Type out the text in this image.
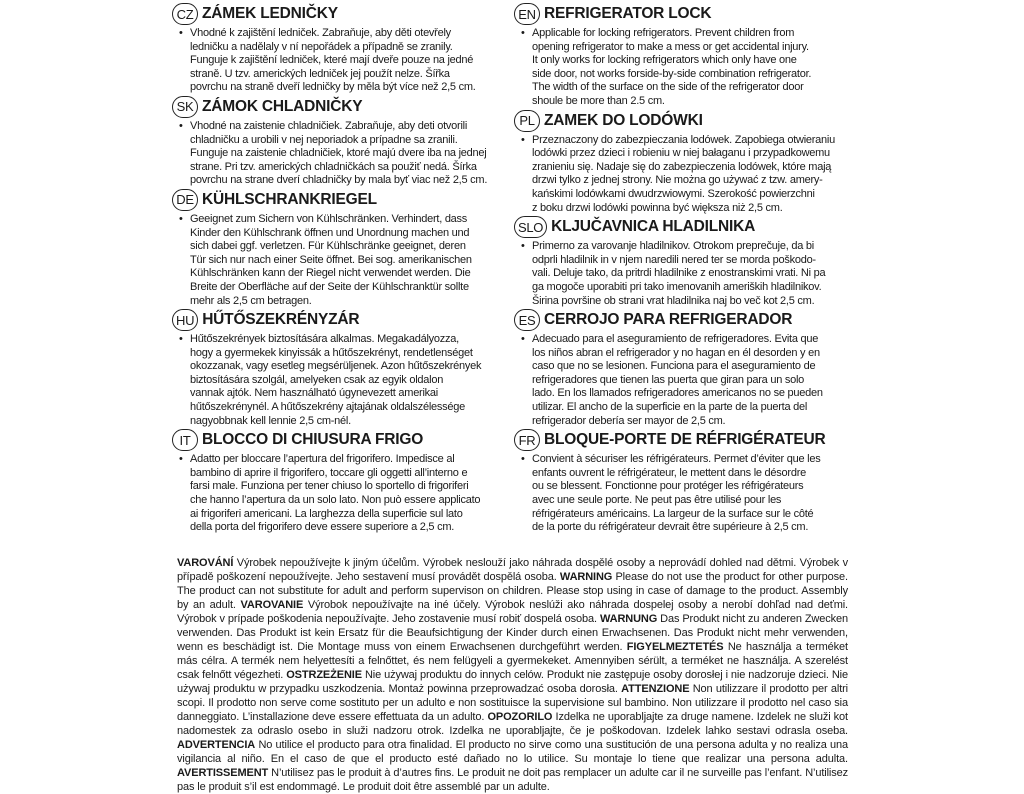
CZ ZÁMEK LEDNIČKY
• Vhodné k zajištění ledniček. Zabraňuje, aby děti otevřely
ledničku a nadělaly v ní nepořádek a případně se zranily.
Funguje k zajištění ledniček, které mají dveře pouze na jedné
straně. U tzv. amerických ledniček jej použít nelze. Šířka
povrchu na straně dveří ledničky by měla být více než 2,5 cm.
SK ZÁMOK CHLADNIČKY
• Vhodné na zaistenie chladničiek. Zabraňuje, aby deti otvorili
chladničku a urobili v nej neporiadok a prípadne sa zranili.
Funguje na zaistenie chladničiek, ktoré majú dvere iba na jednej
strane. Pri tzv. amerických chladničkách sa použiť nedá. Šírka
povrchu na strane dverí chladničky by mala byť viac než 2,5 cm.
DE KÜHLSCHRANKRIEGEL
• Geeignet zum Sichern von Kühlschränken. Verhindert, dass
Kinder den Kühlschrank öffnen und Unordnung machen und
sich dabei ggf. verletzen. Für Kühlschränke geeignet, deren
Tür sich nur nach einer Seite öffnet. Bei sog. amerikanischen
Kühlschränken kann der Riegel nicht verwendet werden. Die
Breite der Oberfläche auf der Seite der Kühlschranktür sollte
mehr als 2,5 cm betragen.
HU HŰTŐSZEKRÉNYZÁR
• Hűtőszekrények biztosítására alkalmas. Megakadályozza,
hogy a gyermekek kinyissák a hűtőszekrényt, rendetlenséget
okozzanak, vagy esetleg megsérüljenek. Azon hűtőszekrények
biztosítására szolgál, amelyeken csak az egyik oldalon
vannak ajtók. Nem használható úgynevezett amerikai
hűtőszekrénynél. A hűtőszekrény ajtajának oldalszélessége
nagyobbnak kell lennie 2,5 cm-nél.
IT BLOCCO DI CHIUSURA FRIGO
• Adatto per bloccare l’apertura del frigorifero. Impedisce al
bambino di aprire il frigorifero, toccare gli oggetti all’interno e
farsi male. Funziona per tener chiuso lo sportello di frigoriferi
che hanno l’apertura da un solo lato. Non può essere applicato
ai frigoriferi americani. La larghezza della superficie sul lato
della porta del frigorifero deve essere superiore a 2,5 cm.
EN REFRIGERATOR LOCK
• Applicable for locking refrigerators. Prevent children from
opening refrigerator to make a mess or get accidental injury.
It only works for locking refrigerators which only have one
side door, not works forside-by-side combination refrigerator.
The width of the surface on the side of the refrigerator door
shoule be more than 2.5 cm.
PL ZAMEK DO LODÓWKI
• Przeznaczony do zabezpieczania lodówek. Zapobiega otwieraniu
lodówki przez dzieci i robieniu w niej bałaganu i przypadkowemu
zranieniu się. Nadaje się do zabezpieczenia lodówek, które mają
drzwi tylko z jednej strony. Nie można go używać z tzw. amery-
kańskimi lodówkami dwudrzwiowymi. Szerokość powierzchni
z boku drzwi lodówki powinna być większa niż 2,5 cm.
SLO KLJUČAVNICA HLADILNIKA
• Primerno za varovanje hladilnikov. Otrokom preprečuje, da bi
odprli hladilnik in v njem naredili nered ter se morda poškodo-
vali. Deluje tako, da pritrdi hladilnike z enostranskimi vrati. Ni pa
ga mogoče uporabiti pri tako imenovanih ameriških hladilnikov.
Širina površine ob strani vrat hladilnika naj bo več kot 2,5 cm.
ES CERROJO PARA REFRIGERADOR
• Adecuado para el aseguramiento de refrigeradores. Evita que
los niños abran el refrigerador y no hagan en él desorden y en
caso que no se lesionen. Funciona para el aseguramiento de
refrigeradores que tienen las puerta que giran para un solo
lado. En los llamados refrigeradores americanos no se pueden
utilizar. El ancho de la superficie en la parte de la puerta del
refrigerador debería ser mayor de 2,5 cm.
FR BLOQUE-PORTE DE RÉFRIGÉRATEUR
• Convient à sécuriser les réfrigérateurs. Permet d’éviter que les
enfants ouvrent le réfrigérateur, le mettent dans le désordre
ou se blessent. Fonctionne pour protéger les réfrigérateurs
avec une seule porte. Ne peut pas être utilisé pour les
réfrigérateurs américains. La largeur de la surface sur le côté
de la porte du réfrigérateur devrait être supérieure à 2,5 cm.
VAROVÁNÍ Výrobek nepoužívejte k jiným účelům. Výrobek neslouží jako náhrada dospělé osoby a neprovádí dohled nad dětmi. Výrobek v případě poškození nepoužívejte. Jeho sestavení musí provádět dospělá osoba. WARNING Please do not use the product for other purpose. The product can not substitute for adult and perform supervison on children. Please stop using in case of damage to the product. Assembly by an adult. VAROVANIE Výrobok nepoužívajte na iné účely. Výrobok neslúži ako náhrada dospelej osoby a nerobí dohľad nad deťmi. Výrobok v prípade poškodenia nepoužívajte. Jeho zostavenie musí robiť dospelá osoba. WARNUNG Das Produkt nicht zu anderen Zwecken verwenden. Das Produkt ist kein Ersatz für die Beaufsichtigung der Kinder durch einen Erwachsenen. Das Produkt nicht mehr verwenden, wenn es beschädigt ist. Die Montage muss von einem Erwachsenen durchgeführt werden. FIGYELMEZTETÉS Ne használja a terméket más célra. A termék nem helyettesíti a felnőttet, és nem felügyeli a gyermekeket. Amennyiben sérült, a terméket ne használja. A szerelést csak felnőtt végezheti. OSTRZEŻENIE Nie używaj produktu do innych celów. Produkt nie zastępuje osoby dorosłej i nie nadzoruje dzieci. Nie używaj produktu w przypadku uszkodzenia. Montaż powinna przeprowadzać osoba dorosła. ATTENZIONE Non utilizzare il prodotto per altri scopi. Il prodotto non serve come sostituto per un adulto e non sostituisce la supervisione sul bambino. Non utilizzare il prodotto nel caso sia danneggiato. L’installazione deve essere effettuata da un adulto. OPOZORILO Izdelka ne uporabljajte za druge namene. Izdelek ne služi kot nadomestek za odraslo osebo in služi nadzoru otrok. Izdelka ne uporabljajte, če je poškodovan. Izdelek lahko sestavi odrasla oseba. ADVERTENCIA No utilice el producto para otra finalidad. El producto no sirve como una sustitución de una persona adulta y no realiza una vigilancia al niño. En el caso de que el producto esté dañado no lo utilice. Su montaje lo tiene que realizar una persona adulta. AVERTISSEMENT N’utilisez pas le produit à d’autres fins. Le produit ne doit pas remplacer un adulte car il ne surveille pas l’enfant. N’utilisez pas le produit s’il est endommagé. Le produit doit être assemblé par un adulte.
